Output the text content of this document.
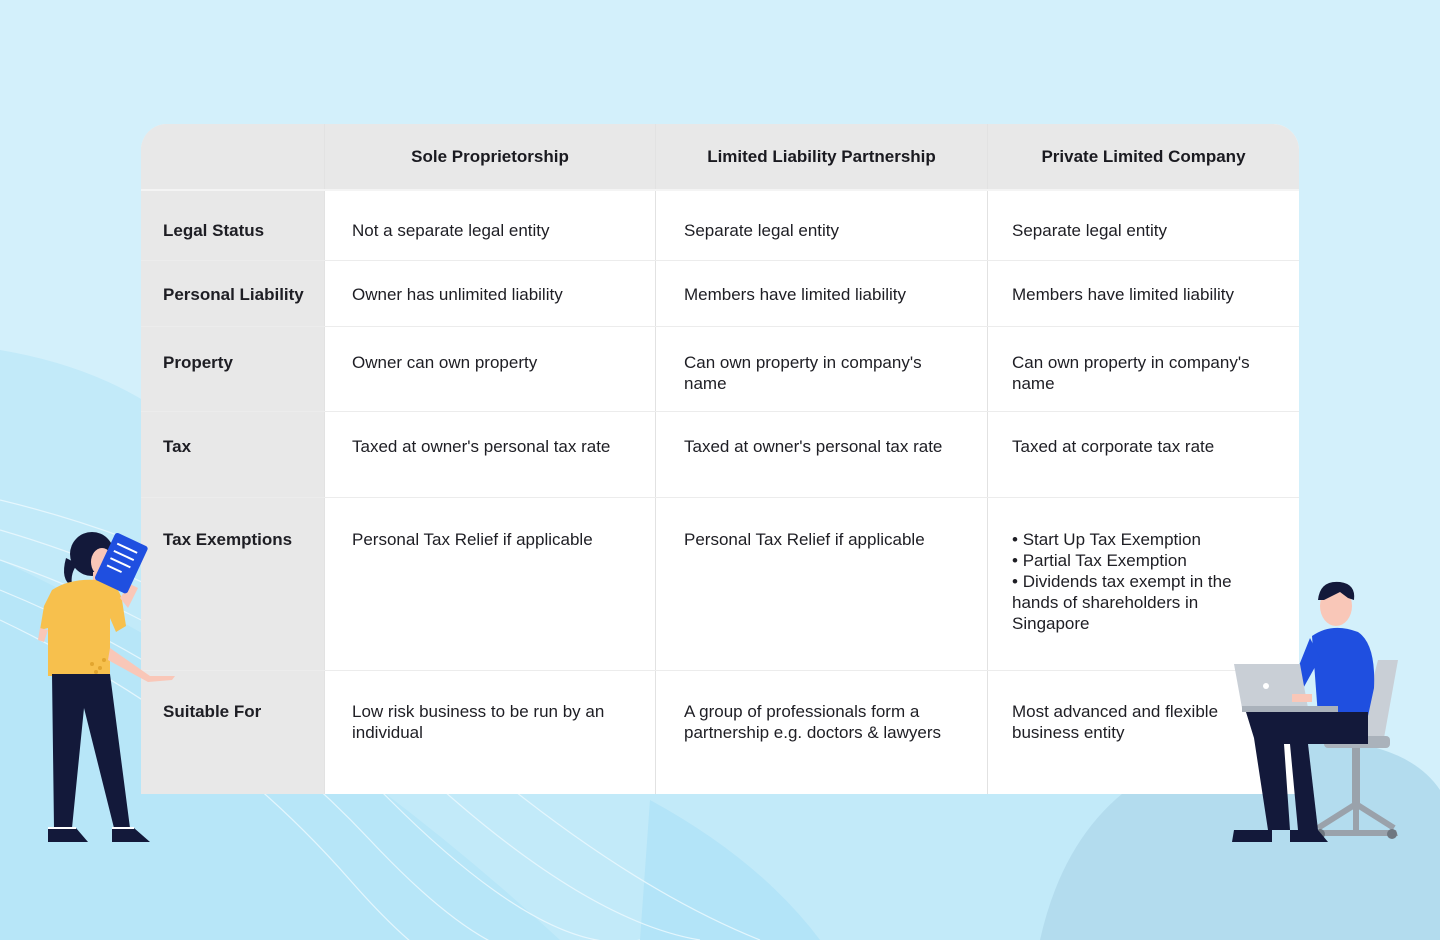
Sole Proprietorship	Limited Liability Partnership	Private Limited Company
Legal Status	Not a separate legal entity	Separate legal entity	Separate legal entity
Personal Liability	Owner has unlimited liability	Members have limited liability	Members have limited liability
Property	Owner can own property	Can own property in company's name
Can own property in company's name
Tax	Taxed at owner's personal tax rate	Taxed at owner's personal tax rate	Taxed at corporate tax rate
Tax Exemptions	Personal Tax Relief if applicable	Personal Tax Relief if applicable
•	Start Up Tax Exemption
• Partial Tax Exemption
• Dividends tax exempt in the hands of shareholders in Singapore
Suitable For	Low risk business to be run by an individual
A group of professionals form a partnership e.g. doctors & lawyers
Most advanced and flexible business entity
